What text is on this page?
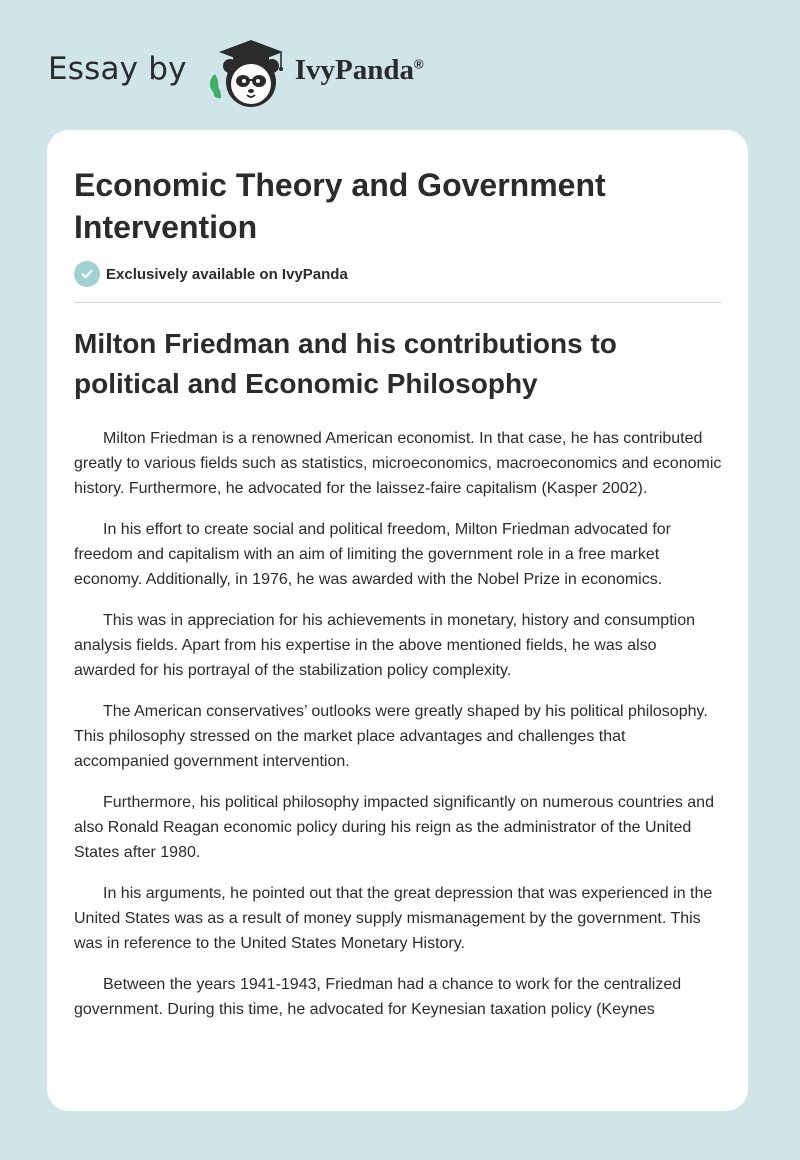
Essay by	IvyPanda®
Economic Theory and Government Intervention
Exclusively available on IvyPanda
Milton Friedman and his contributions to political and Economic Philosophy

Milton Friedman is a renowned American economist. In that case, he has contributed greatly to various fields such as statistics, microeconomics, macroeconomics and economic history. Furthermore, he advocated for the laissez-faire capitalism (Kasper 2002).

In his effort to create social and political freedom, Milton Friedman advocated for freedom and capitalism with an aim of limiting the government role in a free market economy. Additionally, in 1976, he was awarded with the Nobel Prize in economics.

This was in appreciation for his achievements in monetary, history and consumption analysis fields. Apart from his expertise in the above mentioned fields, he was also awarded for his portrayal of the stabilization policy complexity.

The American conservatives’ outlooks were greatly shaped by his political philosophy. This philosophy stressed on the market place advantages and challenges that accompanied government intervention.

Furthermore, his political philosophy impacted significantly on numerous countries and also Ronald Reagan economic policy during his reign as the administrator of the United States after 1980.

In his arguments, he pointed out that the great depression that was experienced in the United States was as a result of money supply mismanagement by the government. This was in reference to the United States Monetary History.

Between the years 1941-1943, Friedman had a chance to work for the centralized government. During this time, he advocated for Keynesian taxation policy (Keynes
